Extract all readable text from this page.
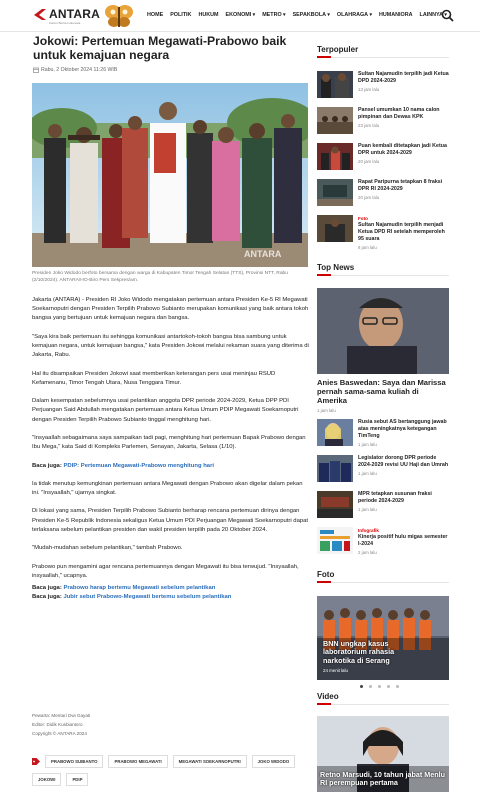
ANTARA
Kantor Berita Indonesia
HOME POLITIK HUKUM EKONOMI ▾	METRO ▾	SEPAKBOLA ▾	OLAHRAGA ▾	HUMANIORA LAINNYA ▾
Jokowi: Pertemuan Megawati-Prabowo baik untuk kemajuan negara
Rabu, 2 Oktober 2024 11:26 WIB
ANTARA

Presiden Joko Widodo berfoto bersama dengan warga di Kabupaten Timor Tengah Selatan (TTS), Provinsi NTT, Rabu (2/10/2024). ANTARA/HO-Biro Pers Sekpres/am.

Jakarta (ANTARA) - Presiden RI Joko Widodo mengatakan pertemuan antara Presiden Ke-5 RI Megawati Soekarnoputri dengan Presiden Terpilih Prabowo Subianto merupakan komunikasi yang baik antara tokoh bangsa yang bertujuan untuk kemajuan negara dan bangsa.

"Saya kira baik pertemuan itu sehingga komunikasi antartokoh-tokoh bangsa bisa sambung untuk kemajuan negara, untuk kemajuan bangsa," kata Presiden Jokowi melalui rekaman suara yang diterima di Jakarta, Rabu.

Hal itu disampaikan Presiden Jokowi saat memberikan keterangan pers usai meninjau RSUD Kefamenanu, Timor Tengah Utara, Nusa Tenggara Timur.

Dalam kesempatan sebelumnya usai pelantikan anggota DPR periode 2024-2029, Ketua DPP PDI Perjuangan Said Abdullah mengatakan pertemuan antara Ketua Umum PDIP Megawati Soekarnoputri dengan Presiden Terpilih Prabowo Subianto tinggal menghitung hari.

"Insyaallah sebagaimana saya sampaikan tadi pagi, menghitung hari pertemuan Bapak Prabowo dengan Ibu Mega," kata Said di Kompleks Parlemen, Senayan, Jakarta, Selasa (1/10).

Baca juga: PDIP: Pertemuan Megawati-Prabowo menghitung hari

Ia tidak menutup kemungkinan pertemuan antara Megawati dengan Prabowo akan digelar dalam pekan ini. "Insyaallah," ujarnya singkat.

Di lokasi yang sama, Presiden Terpilih Prabowo Subianto berharap rencana pertemuan dirinya dengan Presiden Ke-5 Republik Indonesia sekaligus Ketua Umum PDI Perjuangan Megawati Soekarnoputri dapat terlaksana sebelum pelantikan presiden dan wakil presiden terpilih pada 20 Oktober 2024.

"Mudah-mudahan sebelum pelantikan," tambah Prabowo.

Prabowo pun mengamini agar rencana pertemuannya dengan Megawati itu bisa terwujud. "Insyaallah, insyaallah," ucapnya.

Baca juga: Prabowo harap bertemu Megawati sebelum pelantikan

Baca juga: Jubir sebut Prabowo-Megawati bertemu sebelum pelantikan

Pewarta: Mentari Dwi Gayati
Editor: Didik Kusbiantoro
Copyright © ANTARA 2024
PRABOWO SUBIANTO	PRABOWO MEGAWATI	MEGAWATI SOEKARNOPUTRI	JOKO WIDODO
JOKOWI	PDIP
Terpopuler
Sultan Najamudin terpilih jadi Ketua DPD 2024-2029
13 jam lalu
Pansel umumkan 10 nama calon pimpinan dan Dewas KPK
23 jam lalu
Puan kembali ditetapkan jadi Ketua DPR untuk 2024-2029
20 jam lalu
Rapat Paripurna tetapkan 8 fraksi DPR RI 2024-2029
20 jam lalu
Foto
Sultan Najamudin terpilih menjadi Ketua DPD RI setelah memperoleh 95 suara
8 jam lalu
Top News
Anies Baswedan: Saya dan Marissa pernah sama-sama kuliah di Amerika
1 jam lalu
Rusia sebut AS bertanggung jawab atas meningkatnya ketegangan TimTeng
1 jam lalu
Legislator dorong DPR periode 2024-2029 revisi UU Haji dan Umrah
1 jam lalu
MPR tetapkan susunan fraksi periode 2024-2029
1 jam lalu
Infografik
Kinerja positif hulu migas semester I-2024
2 jam lalu
Foto
BNN ungkap kasus laboratorium rahasia narkotika di Serang
24 menit lalu
Video
Retno Marsudi, 10 tahun jabat Menlu RI perempuan pertama
